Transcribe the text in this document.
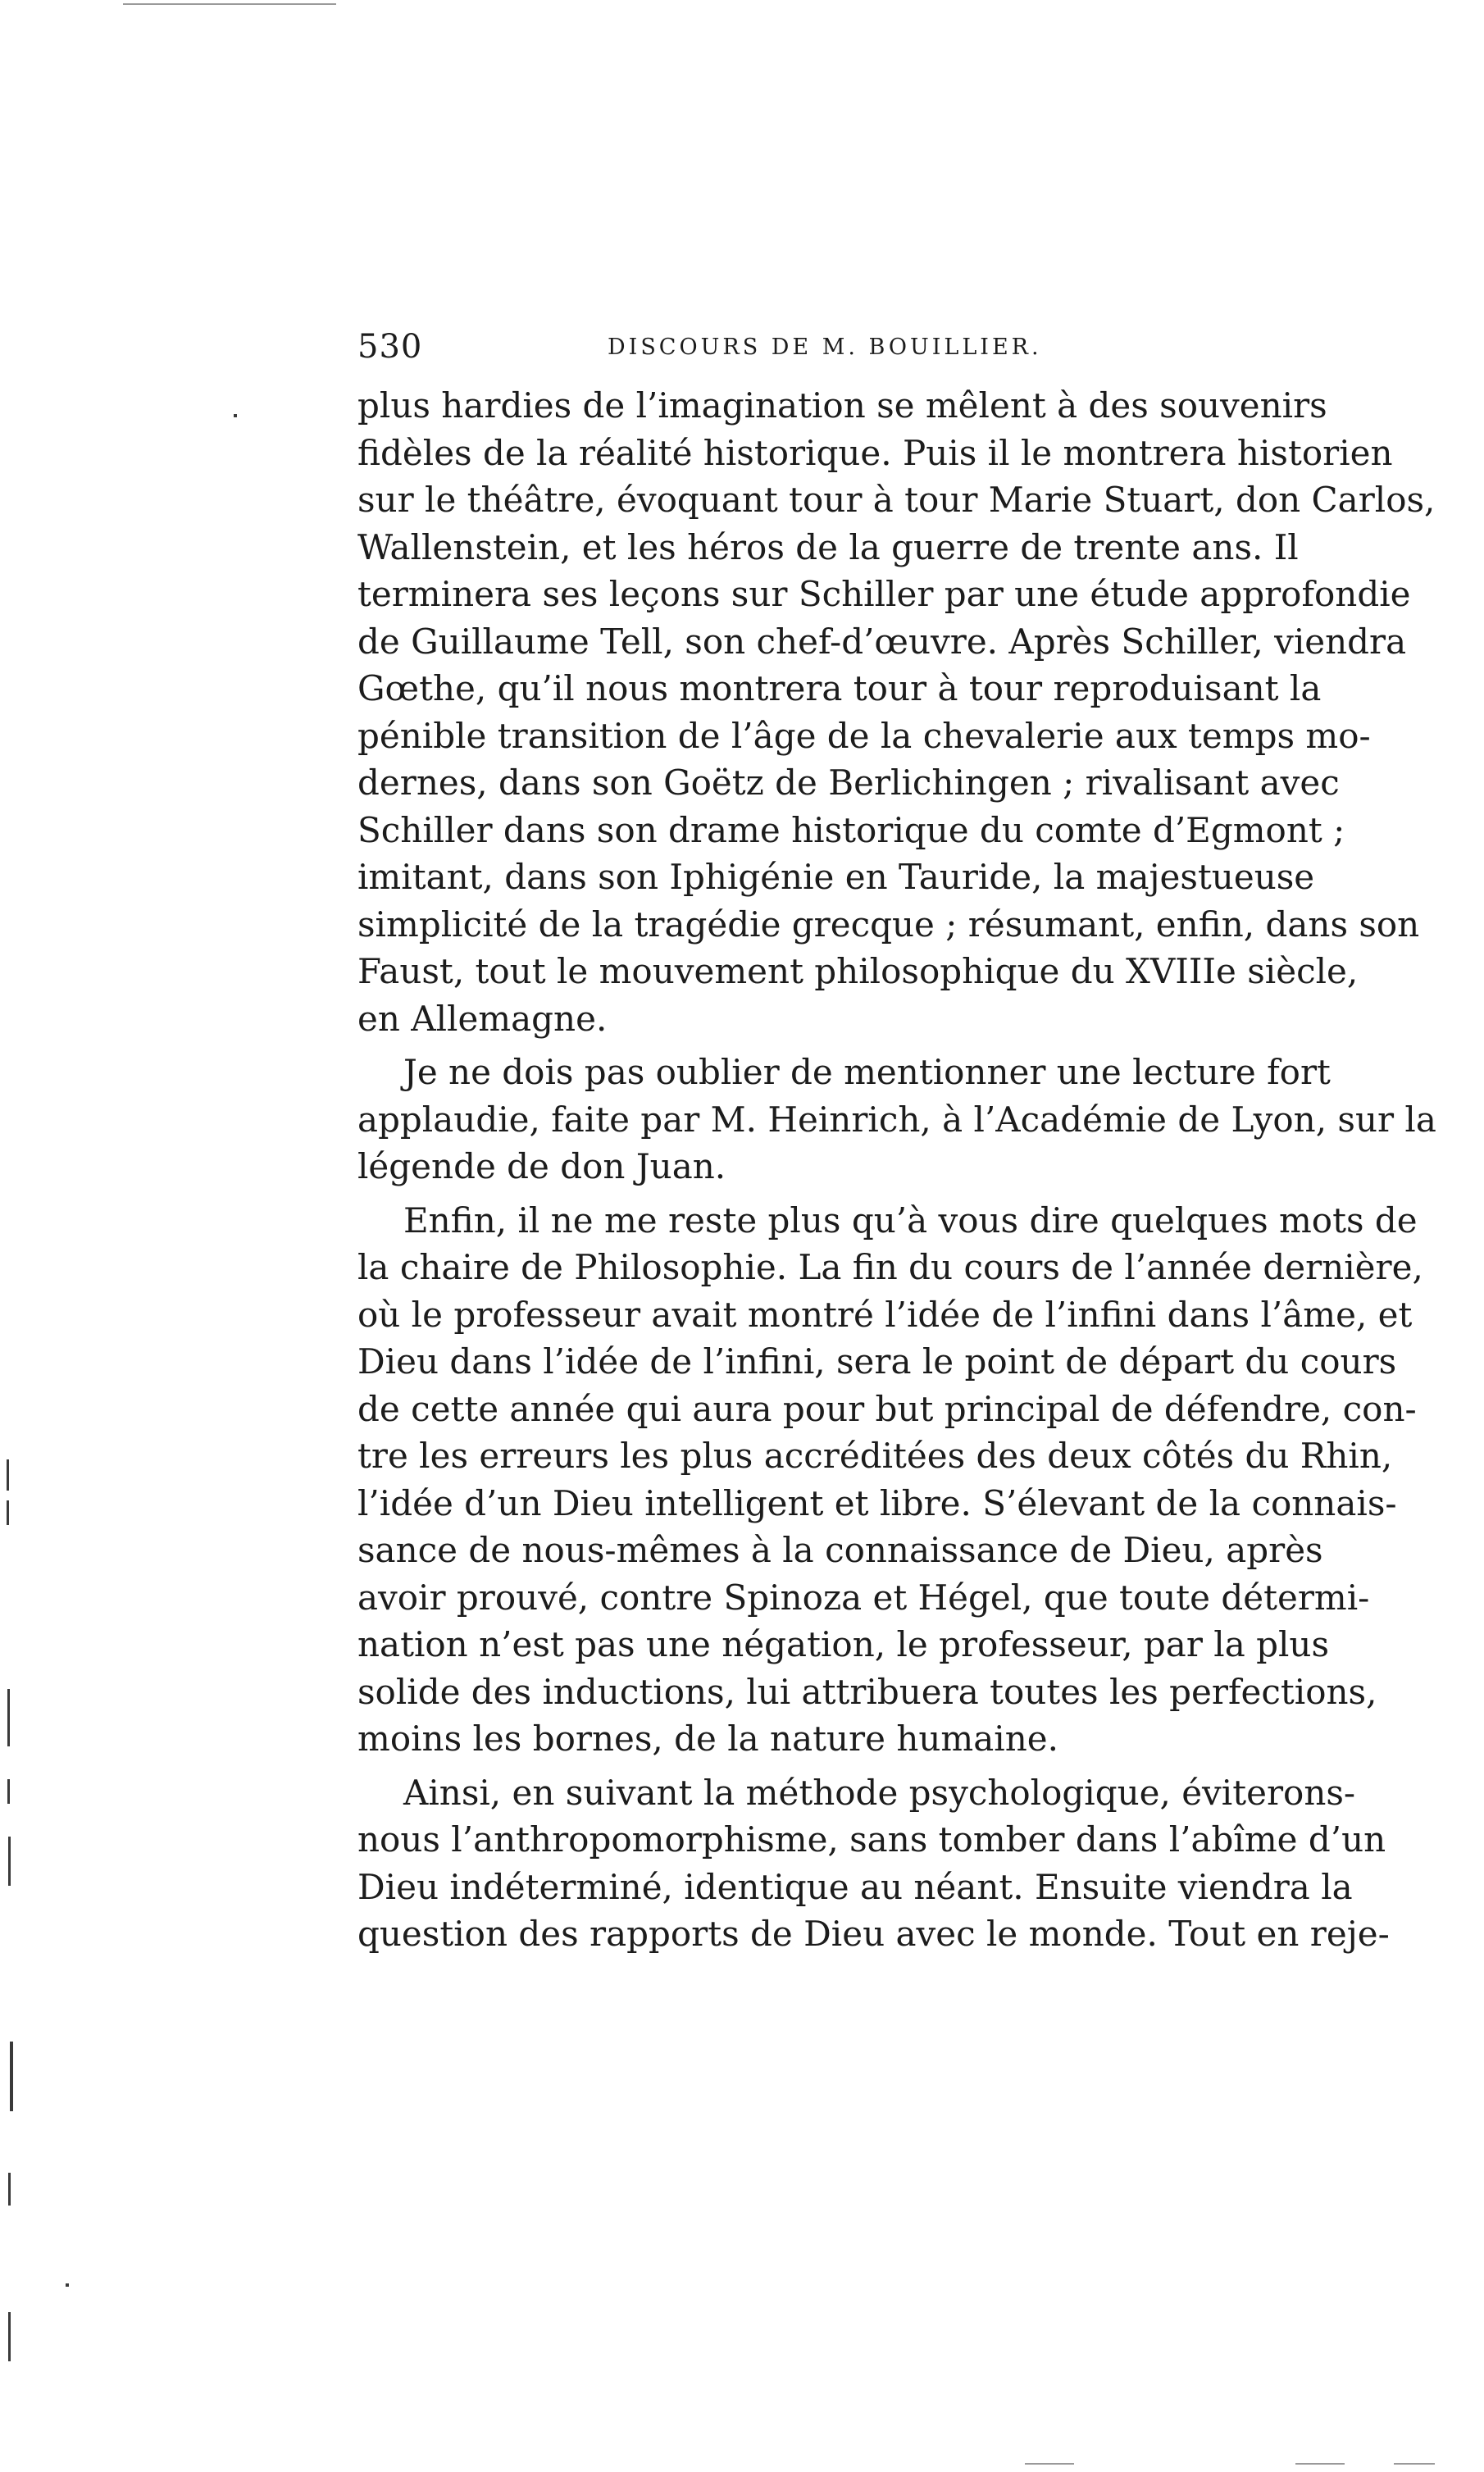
530	DISCOURS DE M. BOUILLIER.
plus hardies de l’imagination se mêlent à des souvenirs
fidèles de la réalité historique. Puis il le montrera historien
sur le théâtre, évoquant tour à tour Marie Stuart, don Carlos,
Wallenstein, et les héros de la guerre de trente ans. Il
terminera ses leçons sur Schiller par une étude approfondie
de Guillaume Tell, son chef-d’œuvre. Après Schiller, viendra
Gœthe, qu’il nous montrera tour à tour reproduisant la
pénible transition de l’âge de la chevalerie aux temps mo-
dernes, dans son Goëtz de Berlichingen ; rivalisant avec
Schiller dans son drame historique du comte d’Egmont ;
imitant, dans son Iphigénie en Tauride, la majestueuse
simplicité de la tragédie grecque ; résumant, enfin, dans son
Faust, tout le mouvement philosophique du XVIIIe siècle,
en Allemagne.
Je ne dois pas oublier de mentionner une lecture fort
applaudie, faite par M. Heinrich, à l’Académie de Lyon, sur la
légende de don Juan.
Enfin, il ne me reste plus qu’à vous dire quelques mots de
la chaire de Philosophie. La fin du cours de l’année dernière,
où le professeur avait montré l’idée de l’infini dans l’âme, et
Dieu dans l’idée de l’infini, sera le point de départ du cours
de cette année qui aura pour but principal de défendre, con-
tre les erreurs les plus accréditées des deux côtés du Rhin,
l’idée d’un Dieu intelligent et libre. S’élevant de la connais-
sance de nous-mêmes à la connaissance de Dieu, après
avoir prouvé, contre Spinoza et Hégel, que toute détermi-
nation n’est pas une négation, le professeur, par la plus
solide des inductions, lui attribuera toutes les perfections,
moins les bornes, de la nature humaine.
Ainsi, en suivant la méthode psychologique, éviterons-
nous l’anthropomorphisme, sans tomber dans l’abîme d’un
Dieu indéterminé, identique au néant. Ensuite viendra la
question des rapports de Dieu avec le monde. Tout en reje-
